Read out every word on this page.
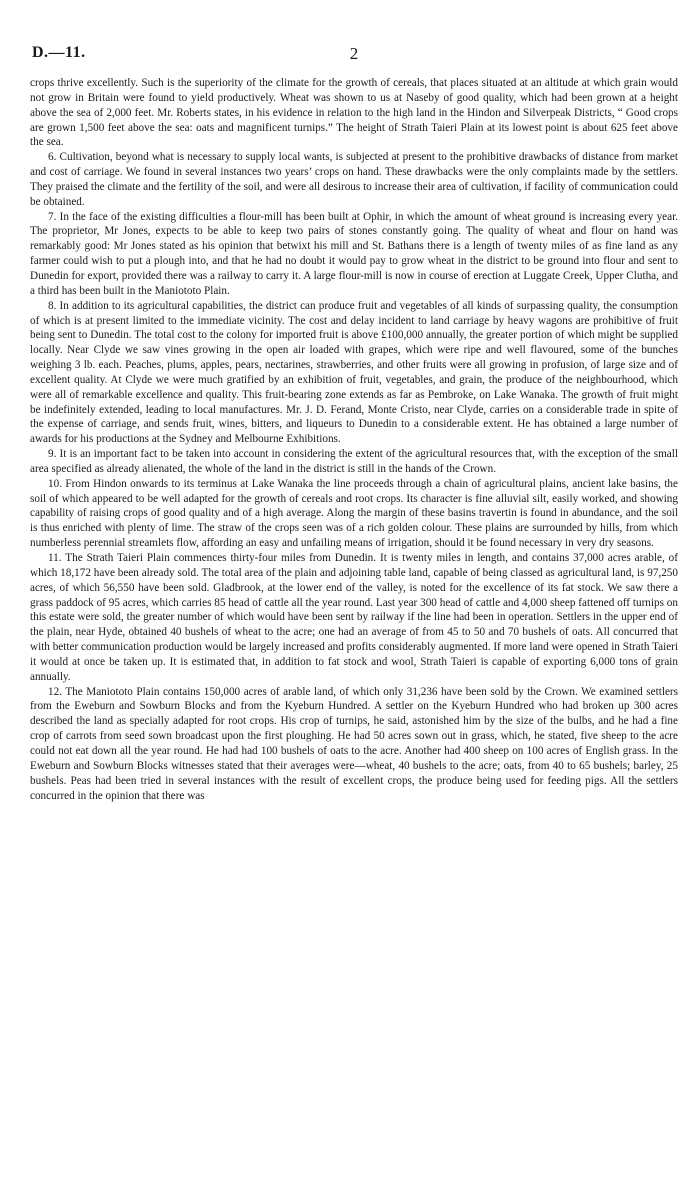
D.—11.	2

crops thrive excellently. Such is the superiority of the climate for the growth of cereals, that places situated at an altitude at which grain would not grow in Britain were found to yield productively. Wheat was shown to us at Naseby of good quality, which had been grown at a height above the sea of 2,000 feet. Mr. Roberts states, in his evidence in relation to the high land in the Hindon and Silverpeak Districts, “ Good crops are grown 1,500 feet above the sea: oats and magnificent turnips.” The height of Strath Taieri Plain at its lowest point is about 625 feet above the sea.

6. Cultivation, beyond what is necessary to supply local wants, is subjected at present to the prohibitive drawbacks of distance from market and cost of carriage. We found in several instances two years’ crops on hand. These drawbacks were the only complaints made by the settlers. They praised the climate and the fertility of the soil, and were all desirous to increase their area of cultivation, if facility of communication could be obtained.

7. In the face of the existing difficulties a flour-mill has been built at Ophir, in which the amount of wheat ground is increasing every year. The proprietor, Mr Jones, expects to be able to keep two pairs of stones constantly going. The quality of wheat and flour on hand was remarkably good: Mr Jones stated as his opinion that betwixt his mill and St. Bathans there is a length of twenty miles of as fine land as any farmer could wish to put a plough into, and that he had no doubt it would pay to grow wheat in the district to be ground into flour and sent to Dunedin for export, provided there was a railway to carry it. A large flour-mill is now in course of erection at Luggate Creek, Upper Clutha, and a third has been built in the Maniototo Plain.

8. In addition to its agricultural capabilities, the district can produce fruit and vegetables of all kinds of surpassing quality, the consumption of which is at present limited to the immediate vicinity. The cost and delay incident to land carriage by heavy wagons are prohibitive of fruit being sent to Dunedin. The total cost to the colony for imported fruit is above £100,000 annually, the greater portion of which might be supplied locally. Near Clyde we saw vines growing in the open air loaded with grapes, which were ripe and well flavoured, some of the bunches weighing 3 lb. each. Peaches, plums, apples, pears, nectarines, strawberries, and other fruits were all growing in profusion, of large size and of excellent quality. At Clyde we were much gratified by an exhibition of fruit, vegetables, and grain, the produce of the neighbourhood, which were all of remarkable excellence and quality. This fruit-bearing zone extends as far as Pembroke, on Lake Wanaka. The growth of fruit might be indefinitely extended, leading to local manufactures. Mr. J. D. Ferand, Monte Cristo, near Clyde, carries on a considerable trade in spite of the expense of carriage, and sends fruit, wines, bitters, and liqueurs to Dunedin to a considerable extent. He has obtained a large number of awards for his productions at the Sydney and Melbourne Exhibitions.

9. It is an important fact to be taken into account in considering the extent of the agricultural resources that, with the exception of the small area specified as already alienated, the whole of the land in the district is still in the hands of the Crown.

10. From Hindon onwards to its terminus at Lake Wanaka the line proceeds through a chain of agricultural plains, ancient lake basins, the soil of which appeared to be well adapted for the growth of cereals and root crops. Its character is fine alluvial silt, easily worked, and showing capability of raising crops of good quality and of a high average. Along the margin of these basins travertin is found in abundance, and the soil is thus enriched with plenty of lime. The straw of the crops seen was of a rich golden colour. These plains are surrounded by hills, from which numberless perennial streamlets flow, affording an easy and unfailing means of irrigation, should it be found necessary in very dry seasons.

11. The Strath Taieri Plain commences thirty-four miles from Dunedin. It is twenty miles in length, and contains 37,000 acres arable, of which 18,172 have been already sold. The total area of the plain and adjoining table land, capable of being classed as agricultural land, is 97,250 acres, of which 56,550 have been sold. Gladbrook, at the lower end of the valley, is noted for the excellence of its fat stock. We saw there a grass paddock of 95 acres, which carries 85 head of cattle all the year round. Last year 300 head of cattle and 4,000 sheep fattened off turnips on this estate were sold, the greater number of which would have been sent by railway if the line had been in operation. Settlers in the upper end of the plain, near Hyde, obtained 40 bushels of wheat to the acre; one had an average of from 45 to 50 and 70 bushels of oats. All concurred that with better communication production would be largely increased and profits considerably augmented. If more land were opened in Strath Taieri it would at once be taken up. It is estimated that, in addition to fat stock and wool, Strath Taieri is capable of exporting 6,000 tons of grain annually.

12. The Maniototo Plain contains 150,000 acres of arable land, of which only 31,236 have been sold by the Crown. We examined settlers from the Eweburn and Sowburn Blocks and from the Kyeburn Hundred. A settler on the Kyeburn Hundred who had broken up 300 acres described the land as specially adapted for root crops. His crop of turnips, he said, astonished him by the size of the bulbs, and he had a fine crop of carrots from seed sown broadcast upon the first ploughing. He had 50 acres sown out in grass, which, he stated, five sheep to the acre could not eat down all the year round. He had had 100 bushels of oats to the acre. Another had 400 sheep on 100 acres of English grass. In the Eweburn and Sowburn Blocks witnesses stated that their averages were—wheat, 40 bushels to the acre; oats, from 40 to 65 bushels; barley, 25 bushels. Peas had been tried in several instances with the result of excellent crops, the produce being used for feeding pigs. All the settlers concurred in the opinion that there was
